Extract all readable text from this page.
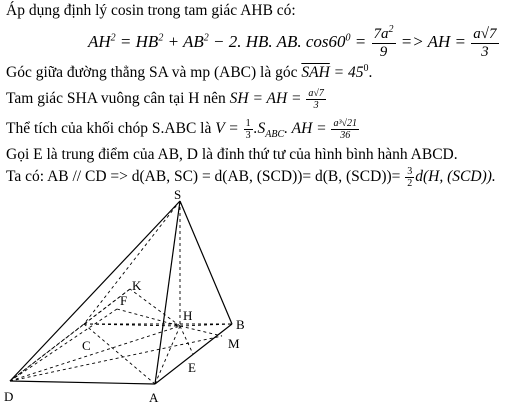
Áp dụng định lý cosin trong tam giác AHB có:
$AH^2 = HB^2 + AB^2 - 2$. HB. AB. $\cos 60^0 = \frac{7a^2}{9}$ => AH = $\frac{a√7}{3}$
Góc giữa đường thẳng SA và mp (ABC) là góc $\overline{SAH} = 45^0$.
Tam giác SHA vuông cân tại H nên SH = AH = $\frac{a√7}{3}$
Thể tích của khối chóp S.ABC là $V = \frac{1}{3} .S_{ABC}$. AH = $\frac{\text{a³√21}}{36}$
Gọi E là trung điểm của AB, D là đỉnh thứ tư của hình bình hành ABCD.
Ta có: AB // CD => d(AB, SC) = d(AB, (SCD))= d(B, $(SCD))= \frac{3}{2} d(H$, (SCD)).
S
K
F
H
B
M
C
E
D	A
